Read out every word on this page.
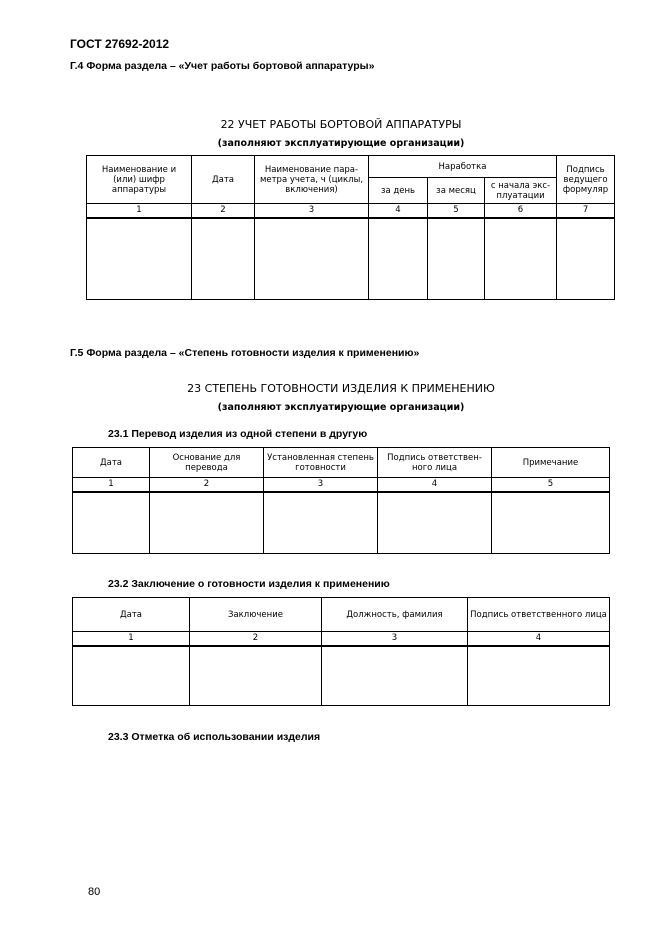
ГОСТ 27692-2012
Г.4 Форма раздела – «Учет работы бортовой аппаратуры»
22 УЧЕТ РАБОТЫ БОРТОВОЙ АППАРАТУРЫ
(заполняют эксплуатирующие организации)
Наименование и (или) шифр аппаратуры	Дата	Наименование пара-метра учета, ч (циклы, включения)	Наработка			Подпись ведущего формуляр
			за день	за месяц	с начала экс-плуатации	
1	2	3	4	5	6	7

Г.5 Форма раздела – «Степень готовности изделия к применению»
23 СТЕПЕНЬ ГОТОВНОСТИ ИЗДЕЛИЯ К ПРИМЕНЕНИЮ
(заполняют эксплуатирующие организации)
23.1 Перевод изделия из одной степени в другую
Дата	Основание для перевода	Установленная степень готовности	Подпись ответствен-ного лица	Примечание
1	2	3	4	5

23.2 Заключение о готовности изделия к применению
Дата	Заключение	Должность, фамилия	Подпись ответственного лица
1	2	3	4

23.3 Отметка об использовании изделия
80
